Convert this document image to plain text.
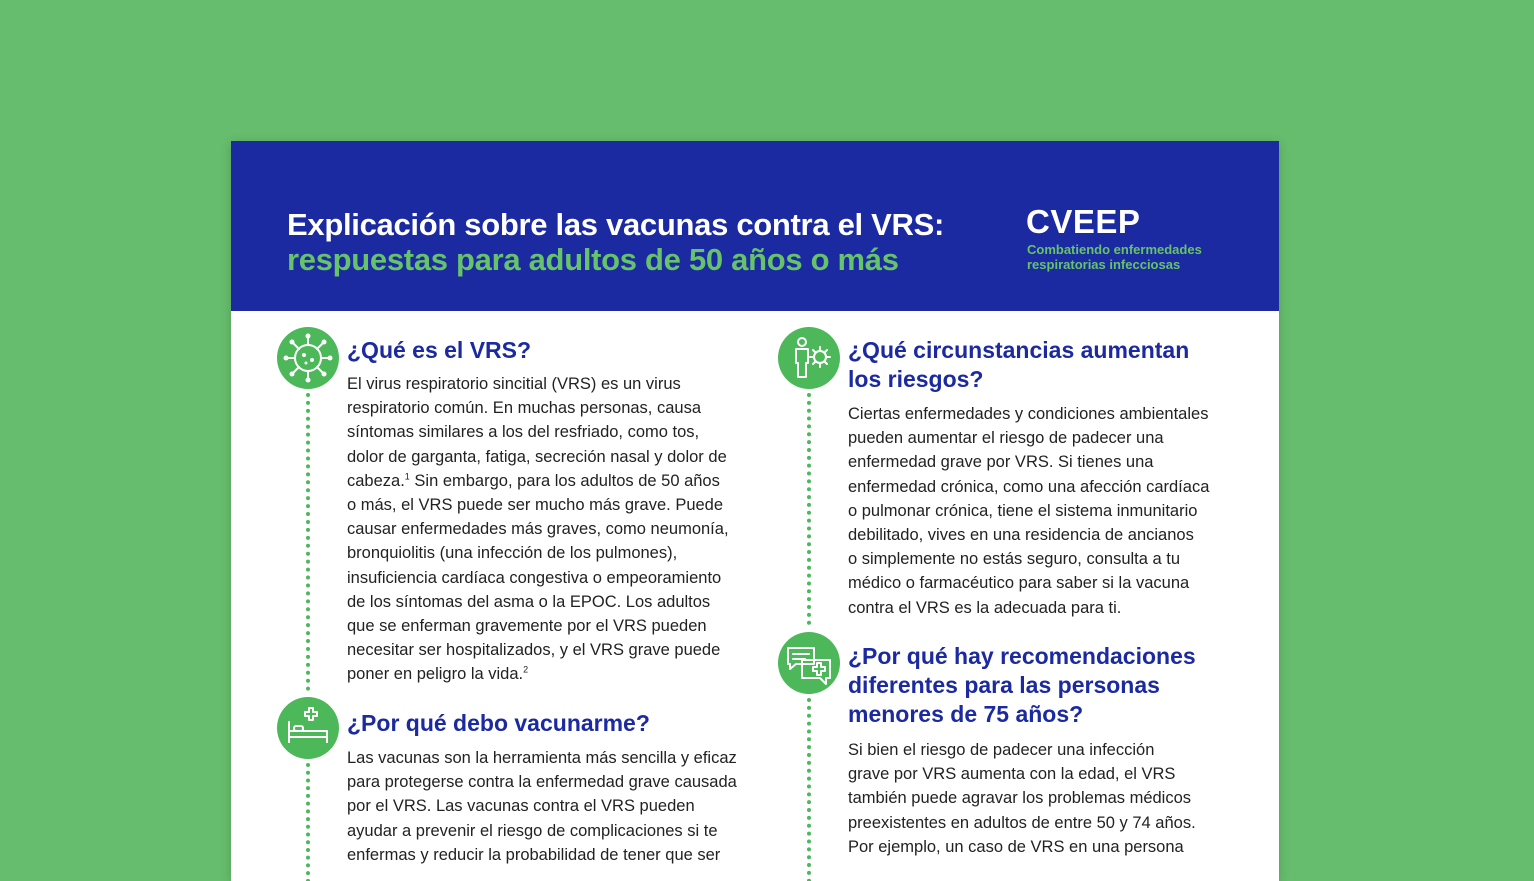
Explicación sobre las vacunas contra el VRS:
respuestas para adultos de 50 años o más
CVEEP
Combatiendo enfermedades
respiratorias infecciosas
¿Qué es el VRS?
El virus respiratorio sincitial (VRS) es un virus
respiratorio común. En muchas personas, causa
síntomas similares a los del resfriado, como tos,
dolor de garganta, fatiga, secreción nasal y dolor de
cabeza.$^1$ Sin embargo, para los adultos de 50 años
o más, el VRS puede ser mucho más grave. Puede
causar enfermedades más graves, como neumonía,
bronquiolitis (una infección de los pulmones),
insuficiencia cardíaca congestiva o empeoramiento
de los síntomas del asma o la EPOC. Los adultos
que se enferman gravemente por el VRS pueden
necesitar ser hospitalizados, y el VRS grave puede
poner en peligro la vida.$^2$
¿Por qué debo vacunarme?
Las vacunas son la herramienta más sencilla y eficaz
para protegerse contra la enfermedad grave causada
por el VRS. Las vacunas contra el VRS pueden
ayudar a prevenir el riesgo de complicaciones si te
enfermas y reducir la probabilidad de tener que ser
¿Qué circunstancias aumentan
los riesgos?
Ciertas enfermedades y condiciones ambientales
pueden aumentar el riesgo de padecer una
enfermedad grave por VRS. Si tienes una
enfermedad crónica, como una afección cardíaca
o pulmonar crónica, tiene el sistema inmunitario
debilitado, vives en una residencia de ancianos
o simplemente no estás seguro, consulta a tu
médico o farmacéutico para saber si la vacuna
contra el VRS es la adecuada para ti.
¿Por qué hay recomendaciones
diferentes para las personas
menores de 75 años?
Si bien el riesgo de padecer una infección
grave por VRS aumenta con la edad, el VRS
también puede agravar los problemas médicos
preexistentes en adultos de entre 50 y 74 años.
Por ejemplo, un caso de VRS en una persona
